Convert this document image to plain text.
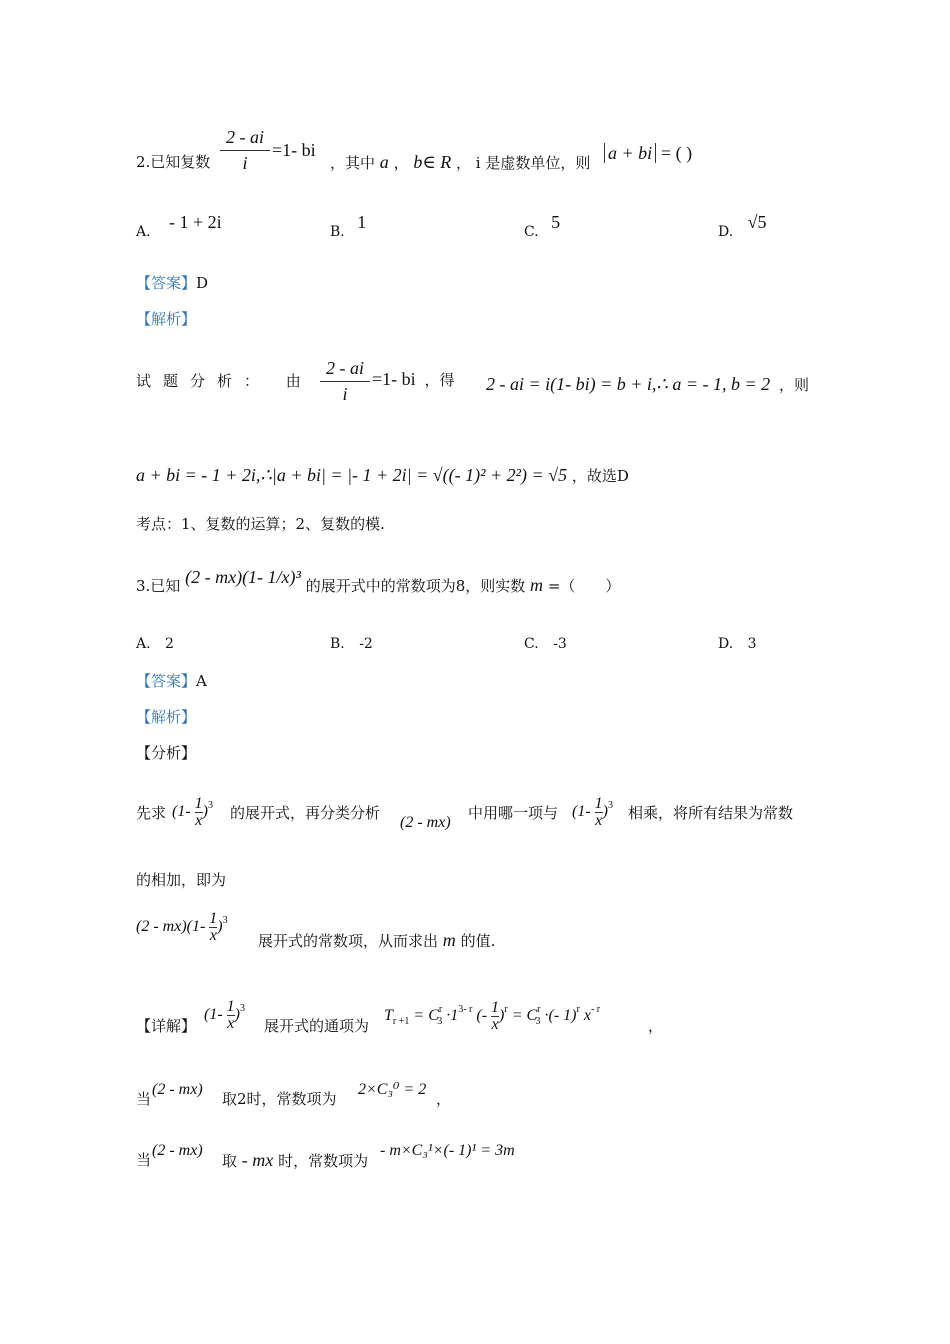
2.已知复数
2 - ai
i
=1- bi
，其中 a ， b∈ R ， i 是虚数单位，则 a + bi = ( )
A. - 1 + 2i	B. 1	C. 5	D. √5
【答案】D
【解析】
试题分析： 由
2 - ai
i
=1- bi ，得 2 - ai = i(1- bi) = b + i,∴ a = - 1, b = 2 ，则
a + bi = - 1 + 2i,∴|a + bi| = |- 1 + 2i| = √((- 1)² + 2²) = √5 ，故选D
考点：1、复数的运算；2、复数的模.
3.已知 (2 - mx)(1- 1/x)³ 的展开式中的常数项为8，则实数 m =（　　）
A. 2	B. -2	C. -3	D. 3
【答案】A
【解析】
【分析】
先求 $(1- \frac{1}{x} )^3$ 的展开式，再分类分析
(2 - mx)
中用哪一项与 $(1- \frac{1}{x} )^3$ 相乘，将所有结果为常数
的相加，即为
$(2 - mx)(1- \frac{1}{x} )^3$
展开式的常数项，从而求出 m 的值.
【详解】
$(1- \frac{1}{x} )^3$
展开式的通项为
$T_{r +1} = C^r_3 \cdot 1^{3- r}$ (- $\frac{1}{x} )^r = C^r_3$ ·(- 1)$^r$ $x^{- r}$
，
当
(2 - mx)
取2时，常数项为
2×C₃⁰ = 2
，
当
(2 - mx)
取 - mx 时，常数项为
- m×C₃¹×(- 1)¹ = 3m
